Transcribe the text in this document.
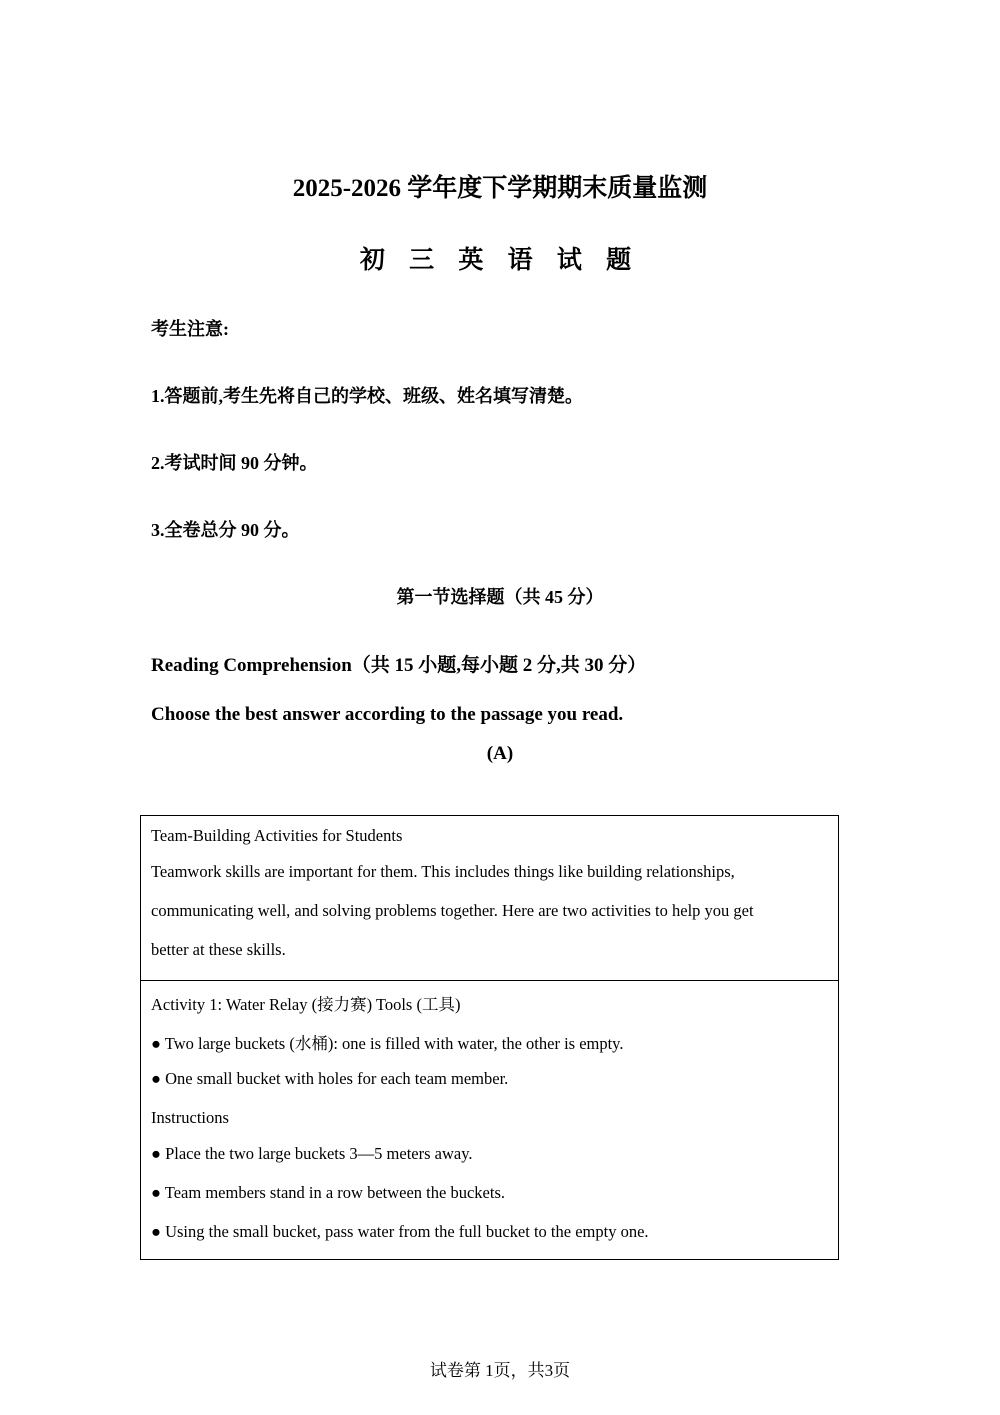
2025-2026 学年度下学期期末质量监测
初 三 英 语 试 题
考生注意:
1.答题前,考生先将自己的学校、班级、姓名填写清楚。
2.考试时间 90 分钟。
3.全卷总分 90 分。
第一节选择题（共 45 分）
Reading Comprehension（共 15 小题,每小题 2 分,共 30 分）
Choose the best answer according to the passage you read.
(A)
Team-Building Activities for Students
Teamwork skills are important for them. This includes things like building relationships,
communicating well, and solving problems together. Here are two activities to help you get
better at these skills.
Activity 1: Water Relay (接力赛) Tools (工具)
● Two large buckets (水桶): one is filled with water, the other is empty.
● One small bucket with holes for each team member.
Instructions
● Place the two large buckets 3—5 meters away.
● Team members stand in a row between the buckets.
● Using the small bucket, pass water from the full bucket to the empty one.
试卷第 1页，共3页
